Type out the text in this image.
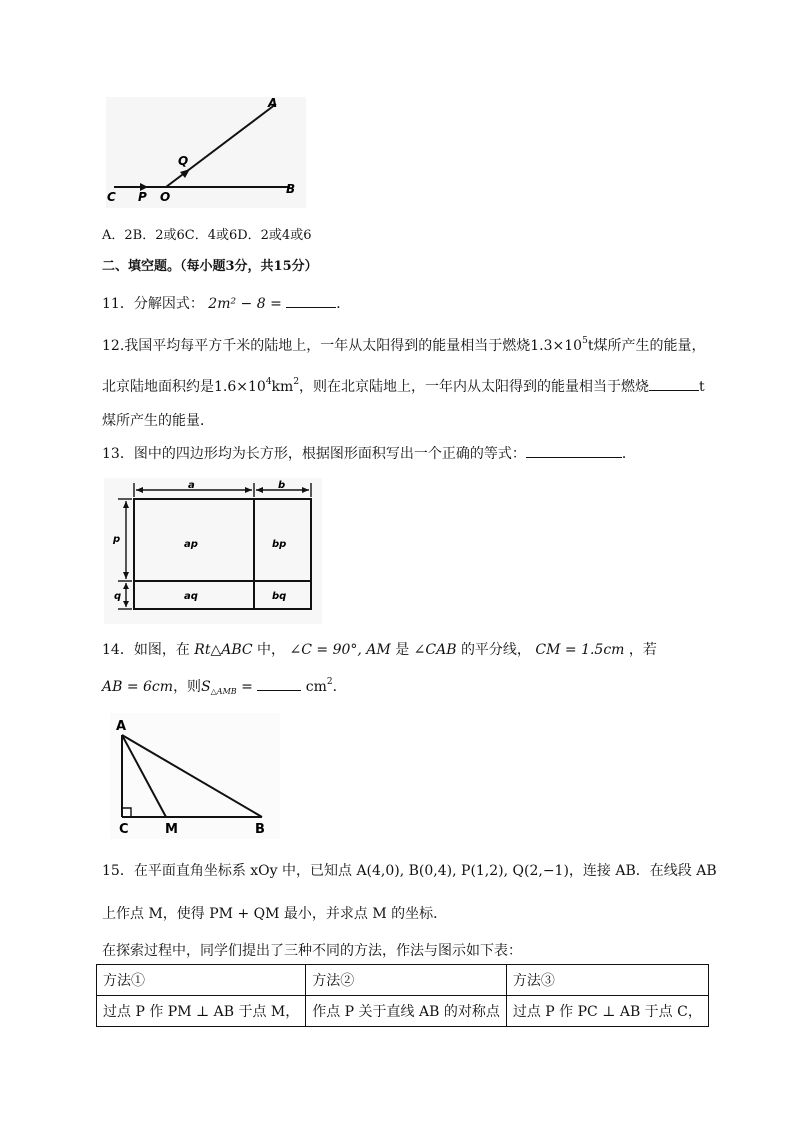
A
Q
C P O
B
A．2B．2或6C．4或6D．2或4或6
二、填空题。（每小题3分，共15分）
11．分解因式： 2m² − 8 =	．
12.我国平均每平方千米的陆地上，一年从太阳得到的能量相当于燃烧$1.3\times 10^5t$煤所产生的能量，
北京陆地面积约是$1.6\times 10^4km^2$，则在北京陆地上，一年内从太阳得到的能量相当于燃烧	t
煤所产生的能量．
13．图中的四边形均为长方形，根据图形面积写出一个正确的等式：	．
a	b
p
q
ap	bp
aq	bq
14．如图，在 Rt△ABC 中， ∠C = 90°, AM 是 ∠CAB 的平分线， CM = 1.5cm ，若
AB = 6cm，则$S_{\triangle AMB}$ =	$cm^2$．
A
C	M	B
15．在平面直角坐标系 xOy 中，已知点 A(4,0), B(0,4), P(1,2), Q(2,−1)，连接 AB．在线段 AB
上作点 M，使得 PM + QM 最小，并求点 M 的坐标．
在探索过程中，同学们提出了三种不同的方法，作法与图示如下表：
方法①	方法②	方法③
过点 P 作 PM ⊥ AB 于点 M，	作点 P 关于直线 AB 的对称点	过点 P 作 PC ⊥ AB 于点 C，
